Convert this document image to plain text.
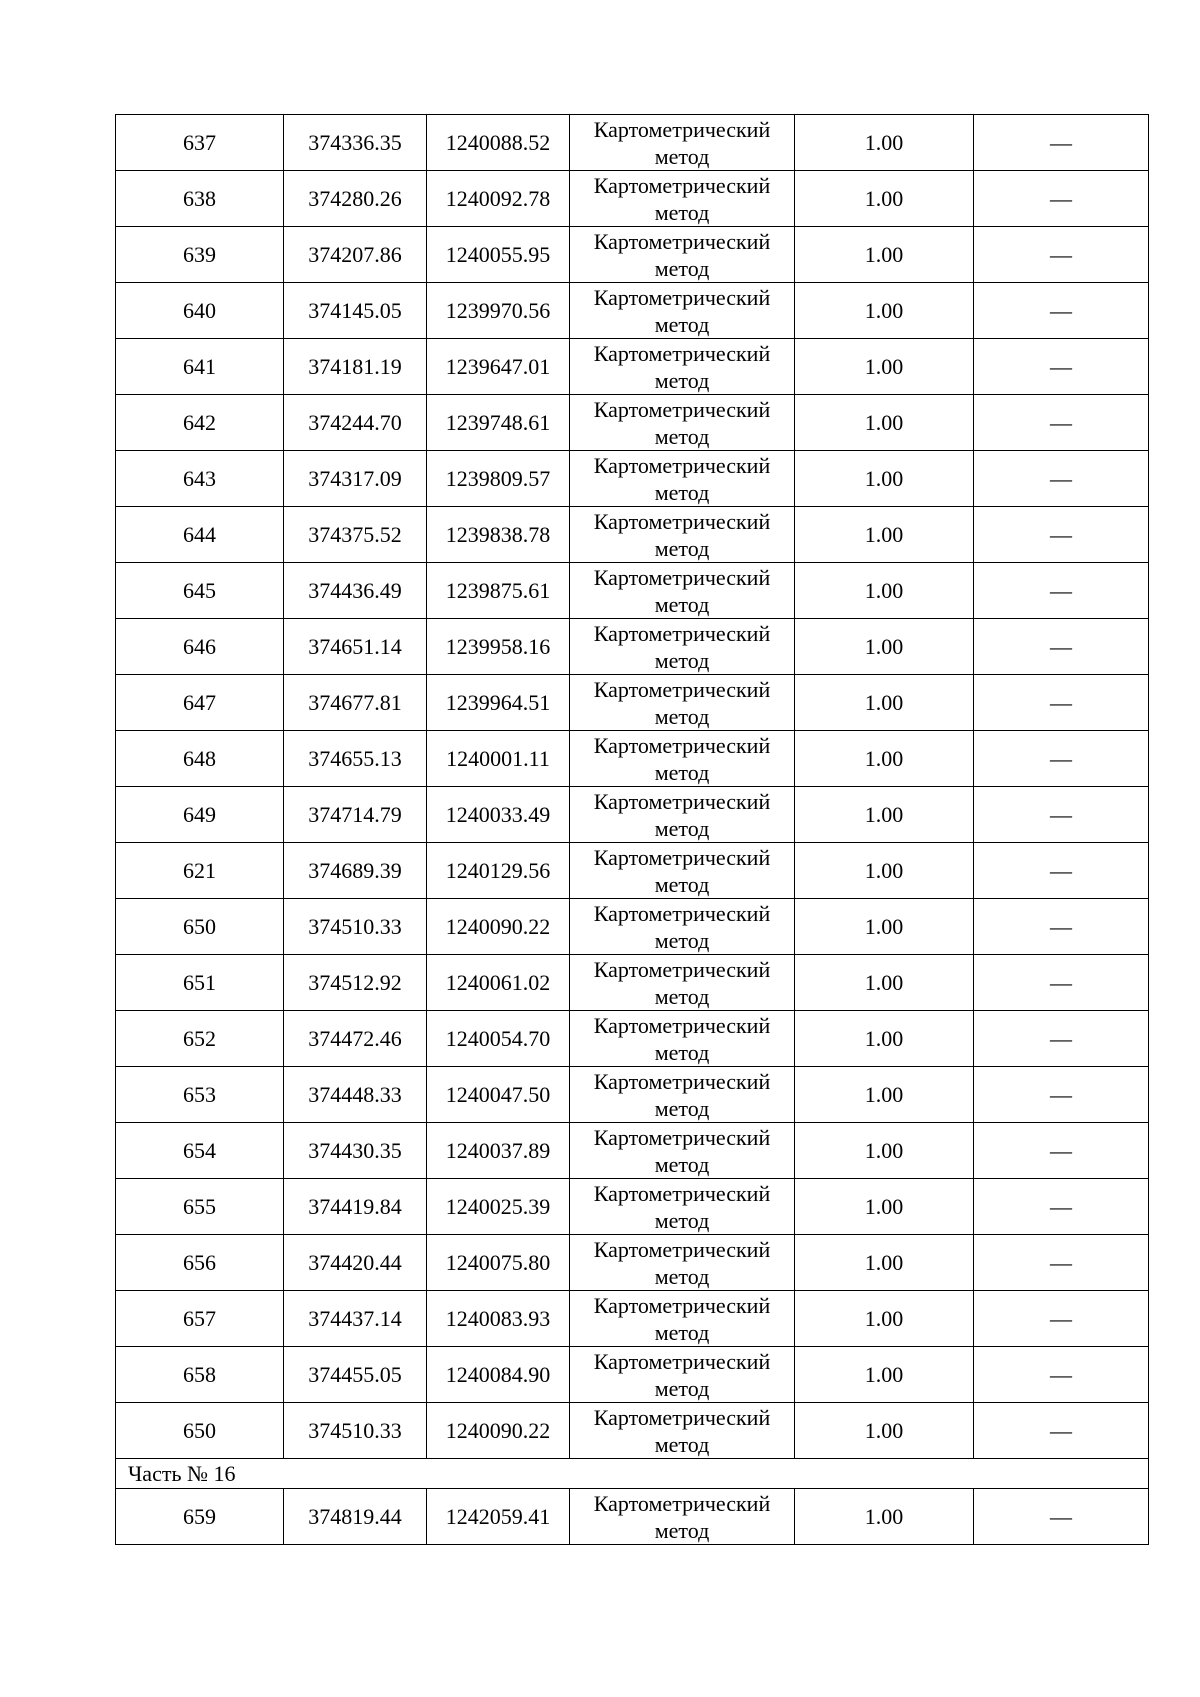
637	374336.35	1240088.52	Картометрический метод	1.00	—
638	374280.26	1240092.78	Картометрический метод	1.00	—
639	374207.86	1240055.95	Картометрический метод	1.00	—
640	374145.05	1239970.56	Картометрический метод	1.00	—
641	374181.19	1239647.01	Картометрический метод	1.00	—
642	374244.70	1239748.61	Картометрический метод	1.00	—
643	374317.09	1239809.57	Картометрический метод	1.00	—
644	374375.52	1239838.78	Картометрический метод	1.00	—
645	374436.49	1239875.61	Картометрический метод	1.00	—
646	374651.14	1239958.16	Картометрический метод	1.00	—
647	374677.81	1239964.51	Картометрический метод	1.00	—
648	374655.13	1240001.11	Картометрический метод	1.00	—
649	374714.79	1240033.49	Картометрический метод	1.00	—
621	374689.39	1240129.56	Картометрический метод	1.00	—
650	374510.33	1240090.22	Картометрический метод	1.00	—
651	374512.92	1240061.02	Картометрический метод	1.00	—
652	374472.46	1240054.70	Картометрический метод	1.00	—
653	374448.33	1240047.50	Картометрический метод	1.00	—
654	374430.35	1240037.89	Картометрический метод	1.00	—
655	374419.84	1240025.39	Картометрический метод	1.00	—
656	374420.44	1240075.80	Картометрический метод	1.00	—
657	374437.14	1240083.93	Картометрический метод	1.00	—
658	374455.05	1240084.90	Картометрический метод	1.00	—
650	374510.33	1240090.22	Картометрический метод	1.00	—
Часть № 16					
659	374819.44	1242059.41	Картометрический метод	1.00	—
